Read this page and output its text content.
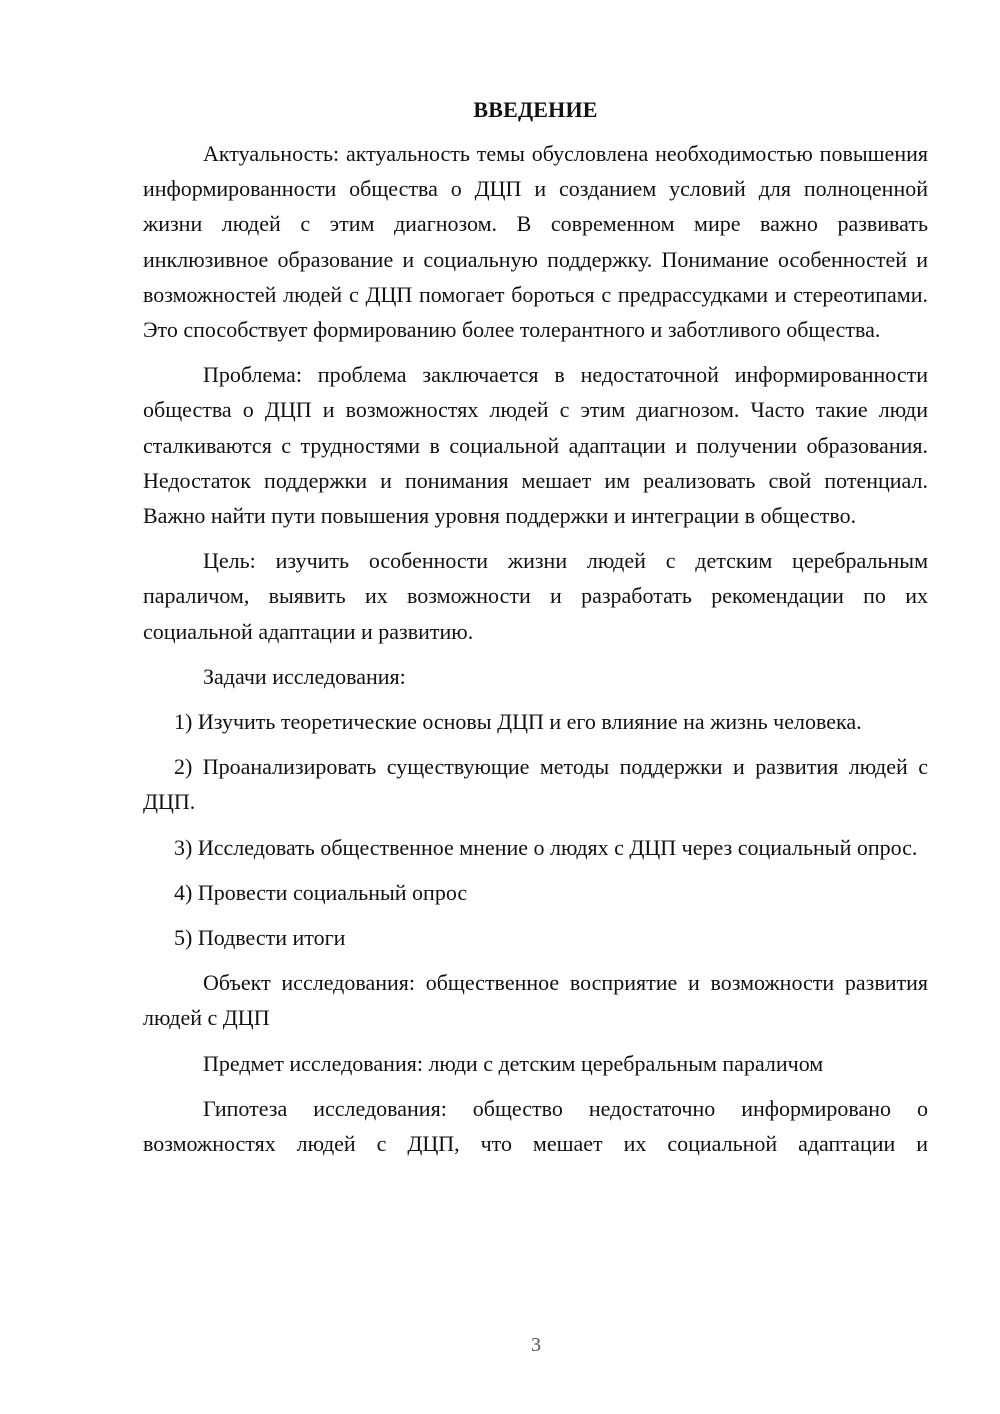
ВВЕДЕНИЕ

Актуальность: актуальность темы обусловлена необходимостью повышения информированности общества о ДЦП и созданием условий для полноценной жизни людей с этим диагнозом. В современном мире важно развивать инклюзивное образование и социальную поддержку. Понимание особенностей и возможностей людей с ДЦП помогает бороться с предрассудками и стереотипами. Это способствует формированию более толерантного и заботливого общества.

Проблема: проблема заключается в недостаточной информированности общества о ДЦП и возможностях людей с этим диагнозом. Часто такие люди сталкиваются с трудностями в социальной адаптации и получении образования. Недостаток поддержки и понимания мешает им реализовать свой потенциал. Важно найти пути повышения уровня поддержки и интеграции в общество.

Цель: изучить особенности жизни людей с детским церебральным параличом, выявить их возможности и разработать рекомендации по их социальной адаптации и развитию.

Задачи исследования:

1) Изучить теоретические основы ДЦП и его влияние на жизнь человека.

2) Проанализировать существующие методы поддержки и развития людей с ДЦП.

3) Исследовать общественное мнение о людях с ДЦП через социальный опрос.

4) Провести социальный опрос

5) Подвести итоги

Объект исследования: общественное восприятие и возможности развития людей с ДЦП

Предмет исследования: люди с детским церебральным параличом

Гипотеза исследования: общество недостаточно информировано о возможностях людей с ДЦП, что мешает их социальной адаптации и

3
